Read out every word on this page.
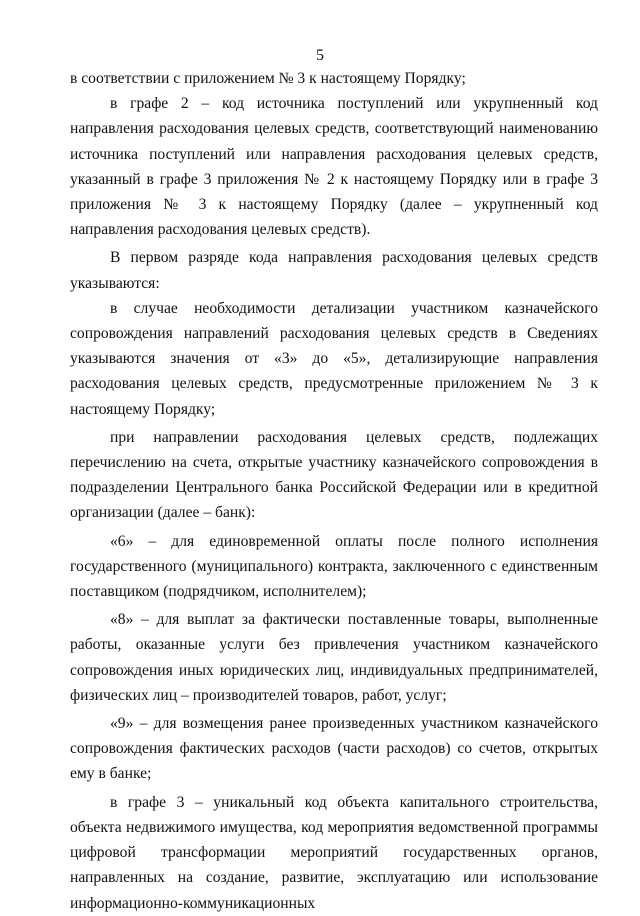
5

в соответствии с приложением № 3 к настоящему Порядку;

в графе 2 – код источника поступлений или укрупненный код направления расходования целевых средств, соответствующий наименованию источника поступлений или направления расходования целевых средств, указанный в графе 3 приложения № 2 к настоящему Порядку или в графе 3 приложения № 3 к настоящему Порядку (далее – укрупненный код направления расходования целевых средств).

В первом разряде кода направления расходования целевых средств указываются:

в случае необходимости детализации участником казначейского сопровождения направлений расходования целевых средств в Сведениях указываются значения от «3» до «5», детализирующие направления расходования целевых средств, предусмотренные приложением № 3 к настоящему Порядку;

при направлении расходования целевых средств, подлежащих перечислению на счета, открытые участнику казначейского сопровождения в подразделении Центрального банка Российской Федерации или в кредитной организации (далее – банк):

«6» – для единовременной оплаты после полного исполнения государственного (муниципального) контракта, заключенного с единственным поставщиком (подрядчиком, исполнителем);

«8» – для выплат за фактически поставленные товары, выполненные работы, оказанные услуги без привлечения участником казначейского сопровождения иных юридических лиц, индивидуальных предпринимателей, физических лиц – производителей товаров, работ, услуг;

«9» – для возмещения ранее произведенных участником казначейского сопровождения фактических расходов (части расходов) со счетов, открытых ему в банке;

в графе 3 – уникальный код объекта капитального строительства, объекта недвижимого имущества, код мероприятия ведомственной программы цифровой трансформации мероприятий государственных органов, направленных на создание, развитие, эксплуатацию или использование информационно-коммуникационных
